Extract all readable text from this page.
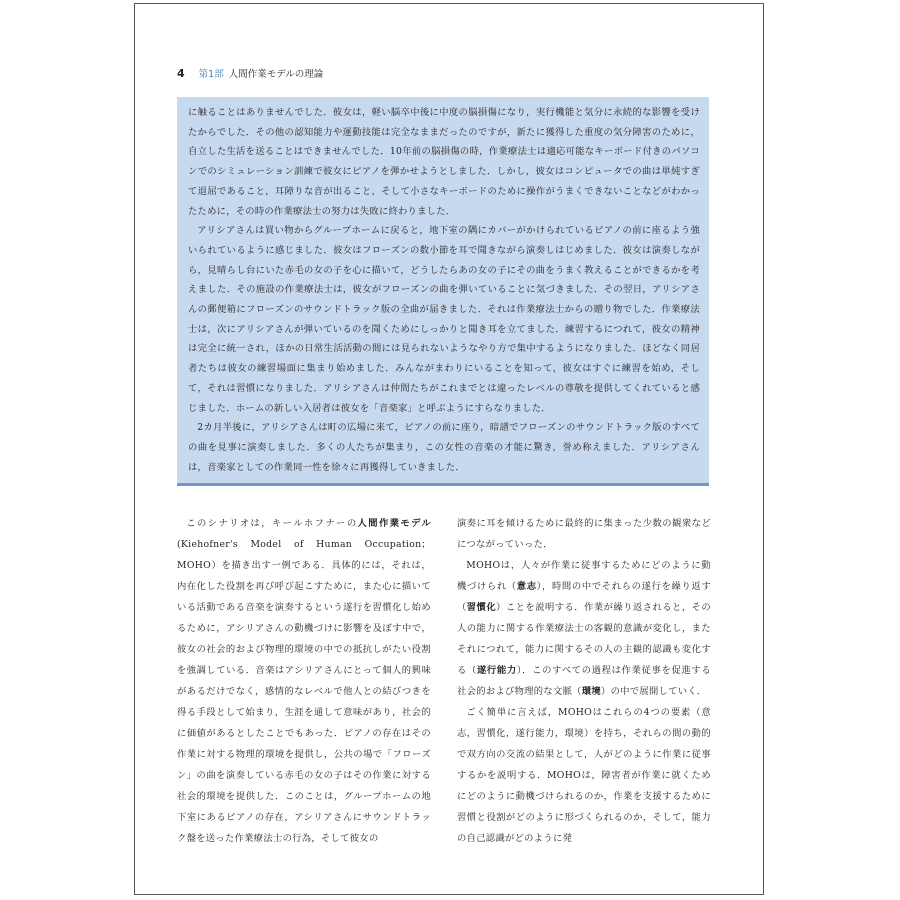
4 第1部 人間作業モデルの理論

に触ることはありませんでした．彼女は，軽い脳卒中後に中度の脳損傷になり，実行機能と気分に永続的な影響を受けたからでした．その他の認知能力や運動技能は完全なままだったのですが，新たに獲得した重度の気分障害のために，自立した生活を送ることはできませんでした．10年前の脳損傷の時，作業療法士は適応可能なキーボード付きのパソコンでのシミュレーション訓練で彼女にピアノを弾かせようとしました．しかし，彼女はコンピュータでの曲は単純すぎて退屈であること，耳障りな音が出ること，そして小さなキーボードのために操作がうまくできないことなどがわかったために，その時の作業療法士の努力は失敗に終わりました．

アリシアさんは買い物からグループホームに戻ると，地下室の隅にカバーがかけられているピアノの前に座るよう強いられているように感じました．彼女はフローズンの数小節を耳で聞きながら演奏しはじめました．彼女は演奏しながら，見晴らし台にいた赤毛の女の子を心に描いて，どうしたらあの女の子にその曲をうまく教えることができるかを考えました．その施設の作業療法士は，彼女がフローズンの曲を弾いていることに気づきました．その翌日，アリシアさんの郵便箱にフローズンのサウンドトラック版の全曲が届きました．それは作業療法士からの贈り物でした．作業療法士は，次にアリシアさんが弾いているのを聞くためにしっかりと聞き耳を立てました．練習するにつれて，彼女の精神は完全に統一され，ほかの日常生活活動の間には見られないようなやり方で集中するようになりました．ほどなく同居者たちは彼女の練習場面に集まり始めました．みんながまわりにいることを知って，彼女はすぐに練習を始め，そして，それは習慣になりました．アリシアさんは仲間たちがこれまでとは違ったレベルの尊敬を提供してくれていると感じました．ホームの新しい入居者は彼女を「音楽家」と呼ぶようにすらなりました．

2カ月半後に，アリシアさんは町の広場に来て，ピアノの前に座り，暗譜でフローズンのサウンドトラック版のすべての曲を見事に演奏しました．多くの人たちが集まり，この女性の音楽の才能に驚き，誉め称えました．アリシアさんは，音楽家としての作業同一性を徐々に再獲得していきました．

このシナリオは，キールホフナーの人間作業モデル(Kiehofner's Model of Human Occupation；MOHO）を描き出す一例である．具体的には，それは，内在化した役割を再び呼び起こすために，また心に描いている活動である音楽を演奏するという遂行を習慣化し始めるために，アシリアさんの動機づけに影響を及ぼす中で，彼女の社会的および物理的環境の中での抵抗しがたい役割を強調している．音楽はアシリアさんにとって個人的興味があるだけでなく，感情的なレベルで他人との結びつきを得る手段として始まり，生涯を通して意味があり，社会的に価値があるとしたことでもあった．ピアノの存在はその作業に対する物理的環境を提供し，公共の場で「フローズン」の曲を演奏している赤毛の女の子はその作業に対する社会的環境を提供した．このことは，グループホームの地下室にあるピアノの存在，アシリアさんにサウンドトラック盤を送った作業療法士の行為，そして彼女の

演奏に耳を傾けるために最終的に集まった少数の観衆などにつながっていった．

MOHOは，人々が作業に従事するためにどのように動機づけられ（意志），時間の中でそれらの遂行を繰り返す（習慣化）ことを説明する．作業が繰り返されると，その人の能力に関する作業療法士の客観的意識が変化し，またそれにつれて，能力に関するその人の主観的認識も変化する（遂行能力）．このすべての過程は作業従事を促進する社会的および物理的な文脈（環境）の中で展開していく．

ごく簡単に言えば，MOHOはこれらの4つの要素（意志，習慣化，遂行能力，環境）を持ち，それらの間の動的で双方向の交流の結果として，人がどのように作業に従事するかを説明する．MOHOは，障害者が作業に就くためにどのように動機づけられるのか，作業を支援するために習慣と役割がどのように形づくられるのか，そして，能力の自己認識がどのように発
